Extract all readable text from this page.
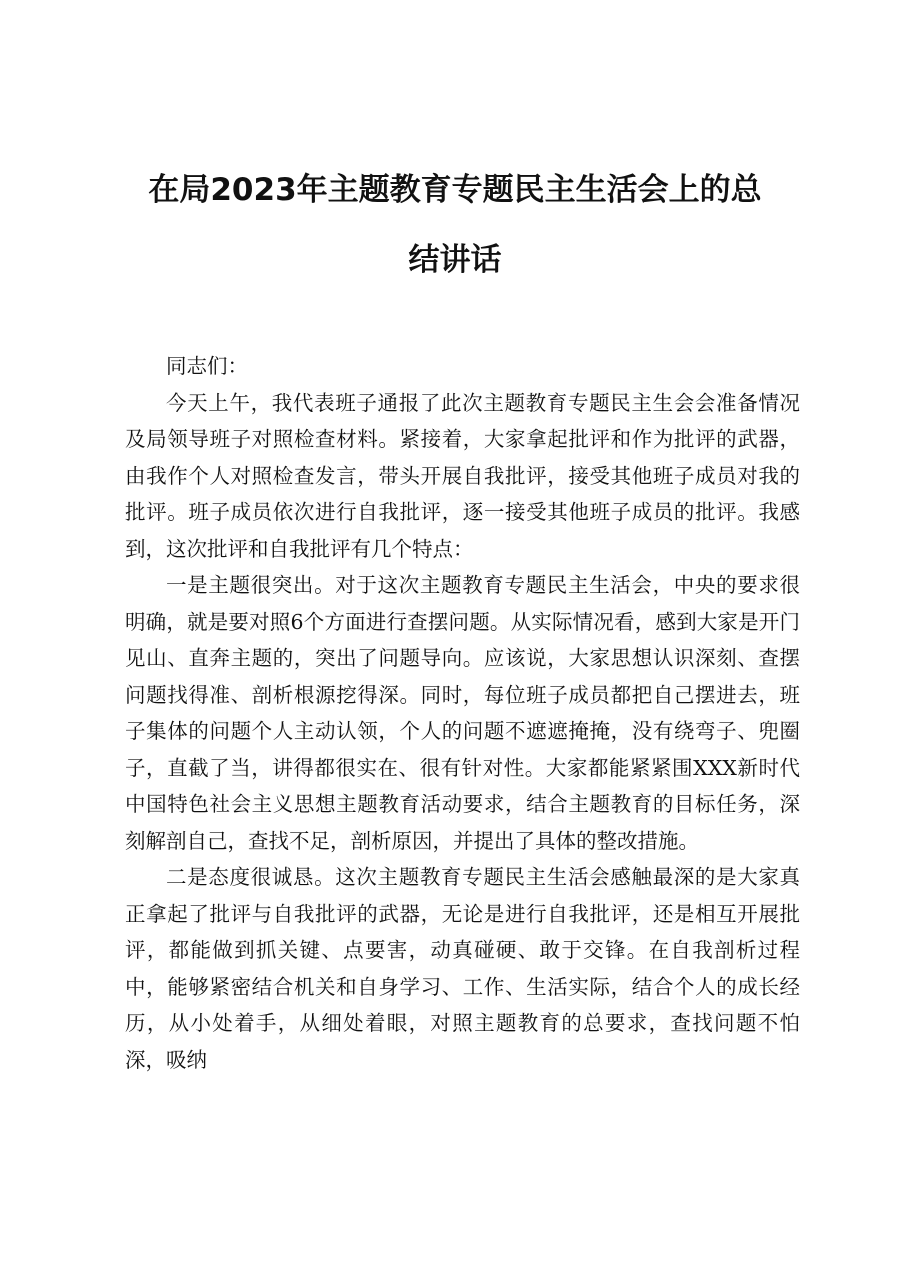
在局2023年主题教育专题民主生活会上的总
结讲话

同志们：

今天上午，我代表班子通报了此次主题教育专题民主生会会准备情况及局领导班子对照检查材料。紧接着，大家拿起批评和作为批评的武器，由我作个人对照检查发言，带头开展自我批评，接受其他班子成员对我的批评。班子成员依次进行自我批评，逐一接受其他班子成员的批评。我感到，这次批评和自我批评有几个特点：

一是主题很突出。对于这次主题教育专题民主生活会，中央的要求很明确，就是要对照6个方面进行查摆问题。从实际情况看，感到大家是开门见山、直奔主题的，突出了问题导向。应该说，大家思想认识深刻、查摆问题找得准、剖析根源挖得深。同时，每位班子成员都把自己摆进去，班子集体的问题个人主动认领，个人的问题不遮遮掩掩，没有绕弯子、兜圈子，直截了当，讲得都很实在、很有针对性。大家都能紧紧围XXX新时代中国特色社会主义思想主题教育活动要求，结合主题教育的目标任务，深刻解剖自己，查找不足，剖析原因，并提出了具体的整改措施。

二是态度很诚恳。这次主题教育专题民主生活会感触最深的是大家真正拿起了批评与自我批评的武器，无论是进行自我批评，还是相互开展批评，都能做到抓关键、点要害，动真碰硬、敢于交锋。在自我剖析过程中，能够紧密结合机关和自身学习、工作、生活实际，结合个人的成长经历，从小处着手，从细处着眼，对照主题教育的总要求，查找问题不怕深，吸纳
